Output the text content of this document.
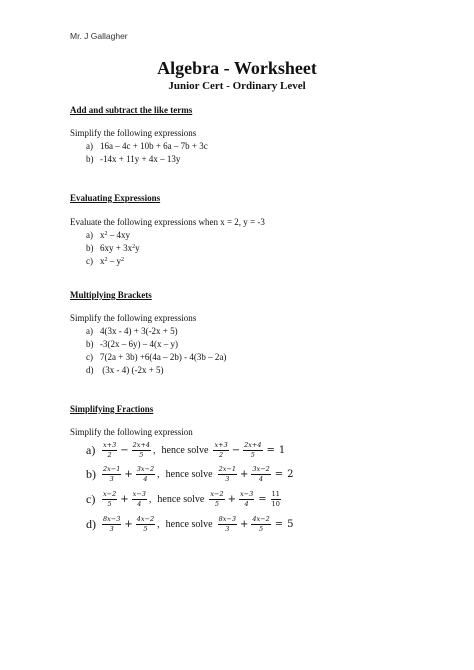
Mr. J Gallagher
Algebra - Worksheet
Junior Cert - Ordinary Level
Add and subtract the like terms
Simplify the following expressions
a) 16a – 4c + 10b + 6a – 7b + 3c
b) -14x + 11y + 4x – 13y
Evaluating Expressions
Evaluate the following expressions when x = 2, y = -3
a) $x^2 - 4xy$
b) $6xy + 3x^2y$
c) $x^2 - y^2$
Multiplying Brackets
Simplify the following expressions
a) 4(3x - 4) + 3(-2x + 5)
b) -3(2x – 6y) – 4(x – y)
c) 7(2a + 3b) +6(4a – 2b) - 4(3b – 2a)
d) (3x - 4) (-2x + 5)
Simplifying Fractions
Simplify the following expression
a)	$\frac{x+3}{2} - \frac{2x+4}{5}$ , hence solve $\frac{x+3}{2} - \frac{2x+4}{5} = 1$
$b) \frac{2x-1}{3} + \frac{3x-2}{4}$ , hence solve $\frac{2x-1}{3} + \frac{3x-2}{4} = 2$
c)	$\frac{x-2}{5} + \frac{x-3}{4}$ , hence solve $\frac{x-2}{5} + \frac{x-3}{4} = \frac{11}{10}$
$d) \frac{8x-3}{3} + \frac{4x-2}{5}$ , hence solve $\frac{8x-3}{3} + \frac{4x-2}{5} = 5$
